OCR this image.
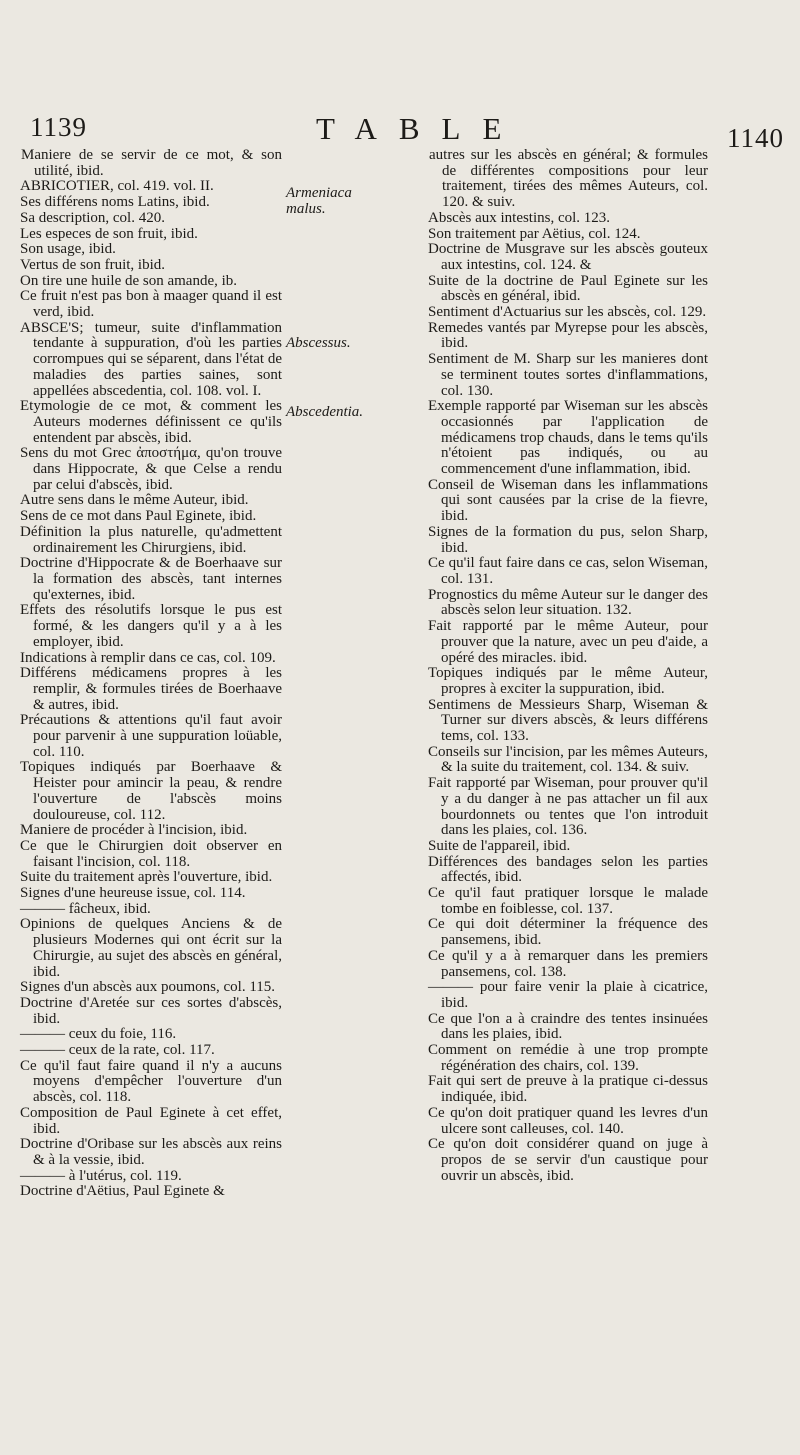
1139	TABLE	1140
Maniere de se servir de ce mot, & son utilité, ibid.
ABRICOTIER, col. 419. vol. II.
Ses différens noms Latins, ibid.
Sa description, col. 420.
Les especes de son fruit, ibid.
Son usage, ibid.
Vertus de son fruit, ibid.
On tire une huile de son amande, ib.
Ce fruit n'est pas bon à maager quand il est verd, ibid.
ABSCE'S; tumeur, suite d'inflammation tendante à suppuration, d'où les parties corrompues qui se séparent, dans l'état de maladies des parties saines, sont appellées abscedentia, col. 108. vol. I.
Etymologie de ce mot, & comment les Auteurs modernes définissent ce qu'ils entendent par abscès, ibid.
Sens du mot Grec ἀποστήμα, qu'on trouve dans Hippocrate, & que Celse a rendu par celui d'abscès, ibid.
Autre sens dans le même Auteur, ibid.
Sens de ce mot dans Paul Eginete, ibid.
Définition la plus naturelle, qu'admettent ordinairement les Chirurgiens, ibid.
Doctrine d'Hippocrate & de Boerhaave sur la formation des abscès, tant internes qu'externes, ibid.
Effets des résolutifs lorsque le pus est formé, & les dangers qu'il y a à les employer, ibid.
Indications à remplir dans ce cas, col. 109.
Différens médicamens propres à les remplir, & formules tirées de Boerhaave & autres, ibid.
Précautions & attentions qu'il faut avoir pour parvenir à une suppuration loüable, col. 110.
Topiques indiqués par Boerhaave & Heister pour amincir la peau, & rendre l'ouverture de l'abscès moins douloureuse, col. 112.
Maniere de procéder à l'incision, ibid.
Ce que le Chirurgien doit observer en faisant l'incision, col. 118.
Suite du traitement après l'ouverture, ibid.
Signes d'une heureuse issue, col. 114.
——— fâcheux, ibid.
Opinions de quelques Anciens & de plusieurs Modernes qui ont écrit sur la Chirurgie, au sujet des abscès en général, ibid.
Signes d'un abscès aux poumons, col. 115.
Doctrine d'Aretée sur ces sortes d'abscès, ibid.
——— ceux du foie, 116.
——— ceux de la rate, col. 117.
Ce qu'il faut faire quand il n'y a aucuns moyens d'empêcher l'ouverture d'un abscès, col. 118.
Composition de Paul Eginete à cet effet, ibid.
Doctrine d'Oribase sur les abscès aux reins & à la vessie, ibid.
——— à l'utérus, col. 119.
Doctrine d'Aëtius, Paul Eginete &
Armeniaca malus.
Abscessus.
Abscedentia.
autres sur les abscès en général; & formules de différentes compositions pour leur traitement, tirées des mêmes Auteurs, col. 120. & suiv.
Abscès aux intestins, col. 123.
Son traitement par Aëtius, col. 124.
Doctrine de Musgrave sur les abscès gouteux aux intestins, col. 124. &
Suite de la doctrine de Paul Eginete sur les abscès en général, ibid.
Sentiment d'Actuarius sur les abscès, col. 129.
Remedes vantés par Myrepse pour les abscès, ibid.
Sentiment de M. Sharp sur les manieres dont se terminent toutes sortes d'inflammations, col. 130.
Exemple rapporté par Wiseman sur les abscès occasionnés par l'application de médicamens trop chauds, dans le tems qu'ils n'étoient pas indiqués, ou au commencement d'une inflammation, ibid.
Conseil de Wiseman dans les inflammations qui sont causées par la crise de la fievre, ibid.
Signes de la formation du pus, selon Sharp, ibid.
Ce qu'il faut faire dans ce cas, selon Wiseman, col. 131.
Prognostics du même Auteur sur le danger des abscès selon leur situation. 132.
Fait rapporté par le même Auteur, pour prouver que la nature, avec un peu d'aide, a opéré des miracles. ibid.
Topiques indiqués par le même Auteur, propres à exciter la suppuration, ibid.
Sentimens de Messieurs Sharp, Wiseman & Turner sur divers abscès, & leurs différens tems, col. 133.
Conseils sur l'incision, par les mêmes Auteurs, & la suite du traitement, col. 134. & suiv.
Fait rapporté par Wiseman, pour prouver qu'il y a du danger à ne pas attacher un fil aux bourdonnets ou tentes que l'on introduit dans les plaies, col. 136.
Suite de l'appareil, ibid.
Différences des bandages selon les parties affectés, ibid.
Ce qu'il faut pratiquer lorsque le malade tombe en foiblesse, col. 137.
Ce qui doit déterminer la fréquence des pansemens, ibid.
Ce qu'il y a à remarquer dans les premiers pansemens, col. 138.
——— pour faire venir la plaie à cicatrice, ibid.
Ce que l'on a à craindre des tentes insinuées dans les plaies, ibid.
Comment on remédie à une trop prompte régénération des chairs, col. 139.
Fait qui sert de preuve à la pratique ci-dessus indiquée, ibid.
Ce qu'on doit pratiquer quand les levres d'un ulcere sont calleuses, col. 140.
Ce qu'on doit considérer quand on juge à propos de se servir d'un caustique pour ouvrir un abscès, ibid.
